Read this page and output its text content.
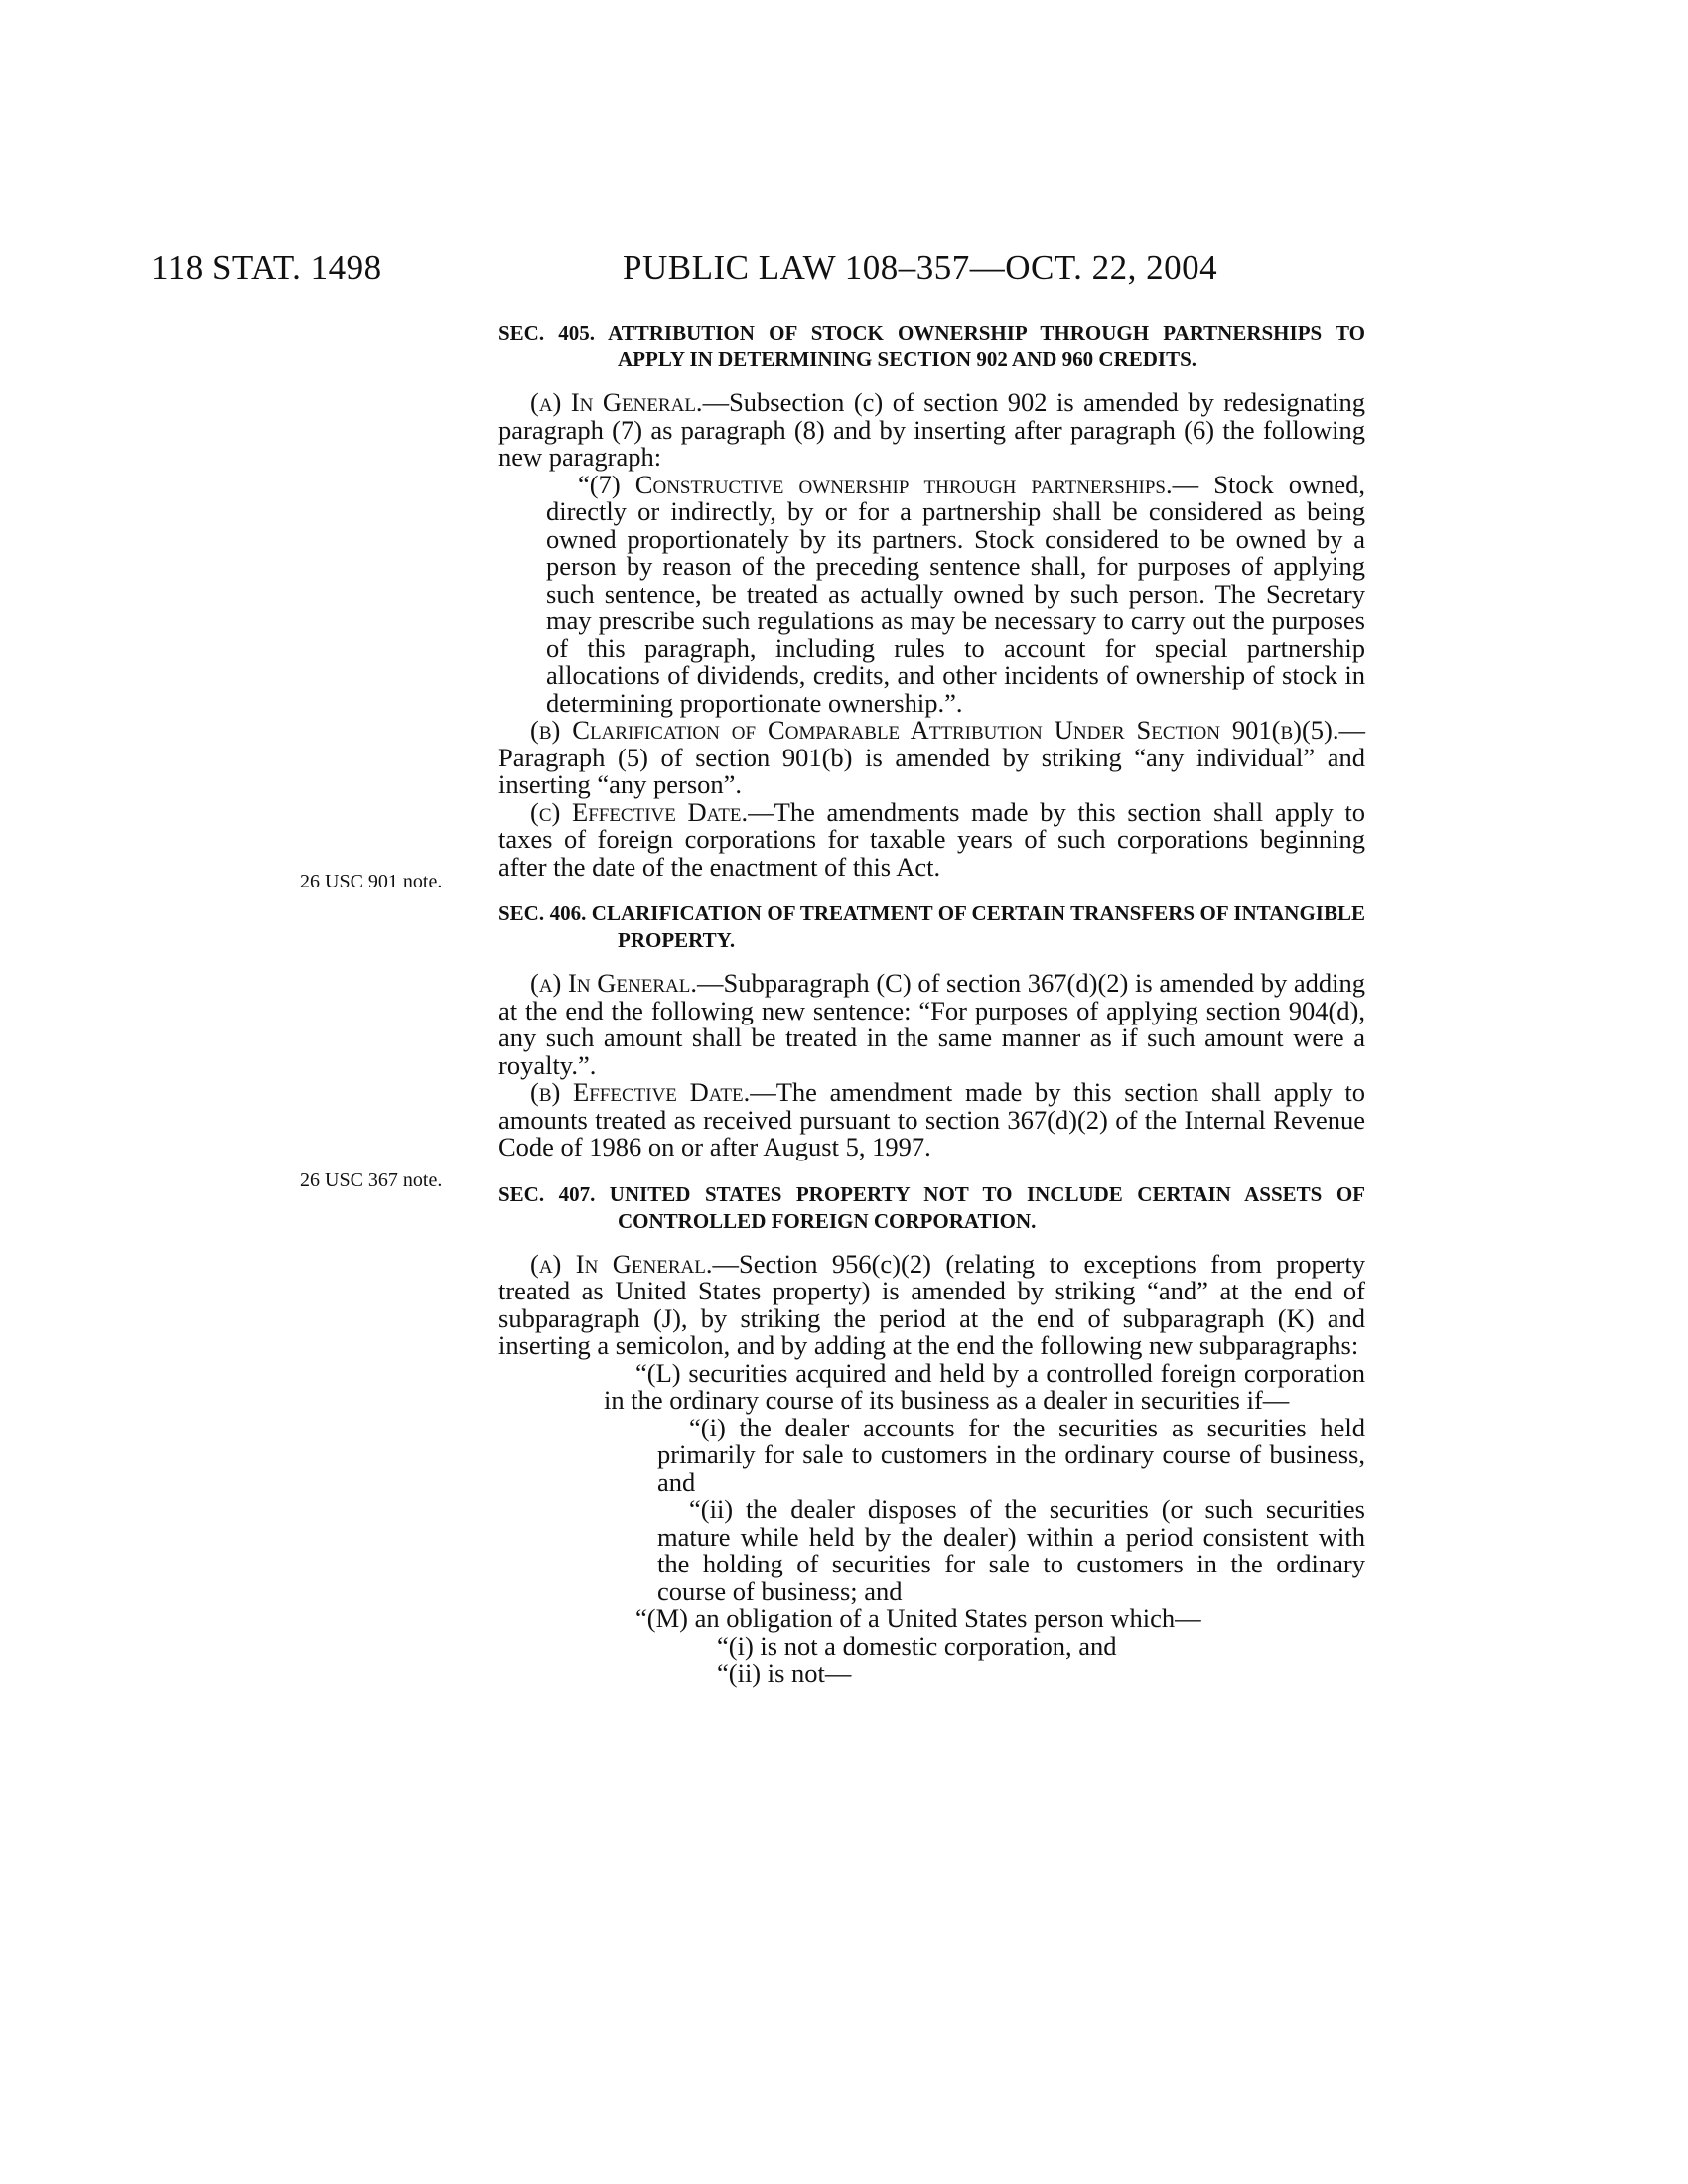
118 STAT. 1498	PUBLIC LAW 108–357—OCT. 22, 2004
26 USC 901 note.
26 USC 367 note.

SEC. 405. ATTRIBUTION OF STOCK OWNERSHIP THROUGH PARTNERSHIPS TO APPLY IN DETERMINING SECTION 902 AND 960 CREDITS.

(a) In General.—Subsection (c) of section 902 is amended by redesignating paragraph (7) as paragraph (8) and by inserting after paragraph (6) the following new paragraph:

“(7) Constructive ownership through partnerships.— Stock owned, directly or indirectly, by or for a partnership shall be considered as being owned proportionately by its partners. Stock considered to be owned by a person by reason of the preceding sentence shall, for purposes of applying such sentence, be treated as actually owned by such person. The Secretary may prescribe such regulations as may be necessary to carry out the purposes of this paragraph, including rules to account for special partnership allocations of dividends, credits, and other incidents of ownership of stock in determining proportionate ownership.”.

(b) Clarification of Comparable Attribution Under Section 901(b)(5).—Paragraph (5) of section 901(b) is amended by striking “any individual” and inserting “any person”.

(c) Effective Date.—The amendments made by this section shall apply to taxes of foreign corporations for taxable years of such corporations beginning after the date of the enactment of this Act.

SEC. 406. CLARIFICATION OF TREATMENT OF CERTAIN TRANSFERS OF INTANGIBLE PROPERTY.

(a) In General.—Subparagraph (C) of section 367(d)(2) is amended by adding at the end the following new sentence: “For purposes of applying section 904(d), any such amount shall be treated in the same manner as if such amount were a royalty.”.

(b) Effective Date.—The amendment made by this section shall apply to amounts treated as received pursuant to section 367(d)(2) of the Internal Revenue Code of 1986 on or after August 5, 1997.

SEC. 407. UNITED STATES PROPERTY NOT TO INCLUDE CERTAIN ASSETS OF CONTROLLED FOREIGN CORPORATION.

(a) In General.—Section 956(c)(2) (relating to exceptions from property treated as United States property) is amended by striking “and” at the end of subparagraph (J), by striking the period at the end of subparagraph (K) and inserting a semicolon, and by adding at the end the following new subparagraphs:

“(L) securities acquired and held by a controlled foreign corporation in the ordinary course of its business as a dealer in securities if—

“(i) the dealer accounts for the securities as securities held primarily for sale to customers in the ordinary course of business, and

“(ii) the dealer disposes of the securities (or such securities mature while held by the dealer) within a period consistent with the holding of securities for sale to customers in the ordinary course of business; and

“(M) an obligation of a United States person which—

“(i) is not a domestic corporation, and

“(ii) is not—
